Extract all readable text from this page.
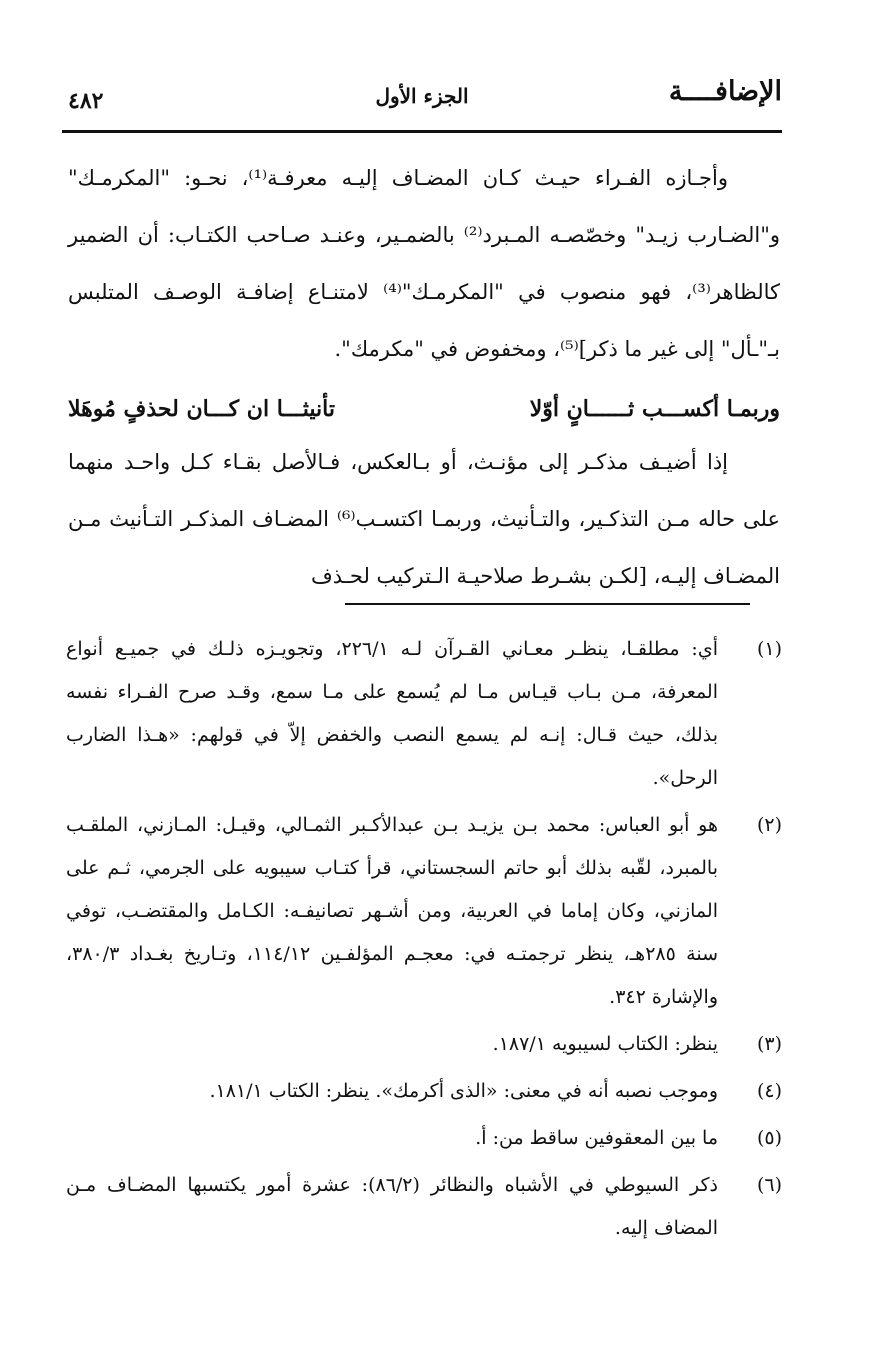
الإضافــــة
الجزء الأول
٤٨٢

وأجـازه الفـراء حيـث كـان المضـاف إليـه معرفـة⁽¹⁾، نحـو: "المكرمـك" و"الضـارب زيـد" وخصّصـه المـبرد⁽²⁾ بالضمـير، وعنـد صـاحب الكتـاب: أن الضمير كالظاهر⁽³⁾، فهو منصوب في "المكرمـك"⁽⁴⁾ لامتنـاع إضافـة الوصـف المتلبس بـ"ـأل" إلى غير ما ذكر]⁽⁵⁾، ومخفوض في "مكرمك".

وربمـا أكســـب ثــــــانٍ أوّلا
تأنيثـــا ان كـــان لحذفٍ مُوهَلا

إذا أضيـف مذكـر إلى مؤنـث، أو بـالعكس، فـالأصل بقـاء كـل واحـد منهما على حاله مـن التذكـير، والتـأنيث، وربمـا اكتسـب⁽⁶⁾ المضـاف المذكـر التـأنيث مـن المضـاف إليـه، [لكـن بشـرط صلاحيـة الـتركيب لحـذف

(١)

أي: مطلقـا، ينظـر معـاني القـرآن لـه ٢٢٦/١، وتجويـزه ذلـك في جميـع أنواع المعرفة، مـن بـاب قيـاس مـا لم يُسمع على مـا سمع، وقـد صرح الفـراء نفسه بذلك، حيث قـال: إنـه لم يسمع النصب والخفض إلاّ في قولهم: «هـذا الضارب الرحل».

(٢)

هو أبو العباس: محمد بـن يزيـد بـن عبدالأكـبر الثمـالي، وقيـل: المـازني، الملقـب بالمبرد، لقّبه بذلك أبو حاتم السجستاني، قرأ كتـاب سيبويه على الجرمي، ثـم على المازني، وكان إماما في العربية، ومن أشـهر تصانيفـه: الكـامل والمقتضـب، توفي سنة ٢٨٥هـ، ينظر ترجمتـه في: معجـم المؤلفـين ١١٤/١٢، وتـاريخ بغـداد ٣٨٠/٣، والإشارة ٣٤٢.

(٣)

ينظر: الكتاب لسيبويه ١٨٧/١.

(٤)

وموجب نصبه أنه في معنى: «الذى أكرمك». ينظر: الكتاب ١٨١/١.

(٥)

ما بين المعقوفين ساقط من: أ.

(٦)

ذكر السيوطي في الأشباه والنظائر (٨٦/٢): عشرة أمور يكتسبها المضـاف مـن المضاف إليه.
